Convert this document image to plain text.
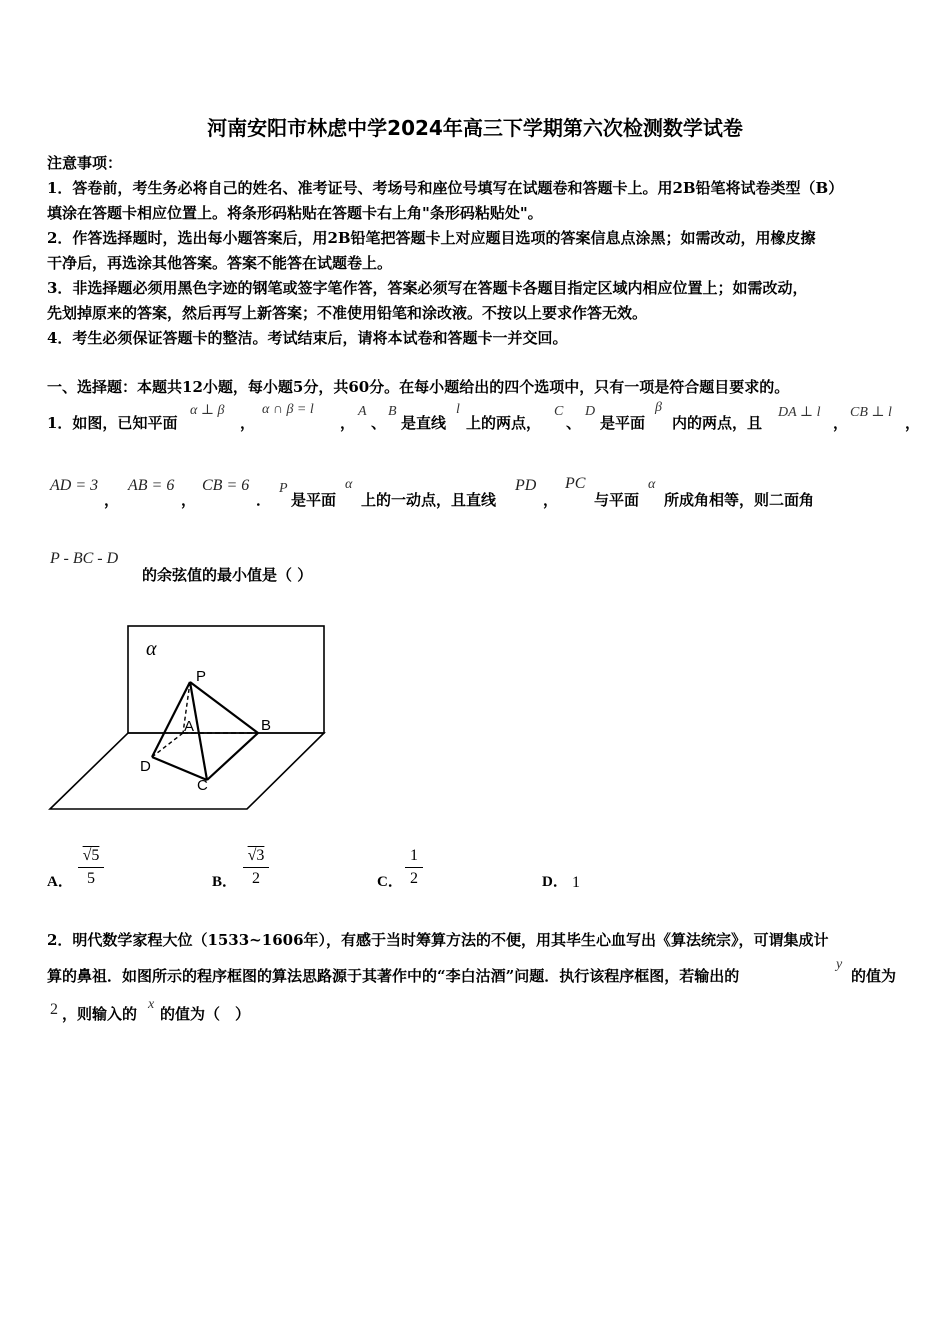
河南安阳市林虑中学2024年高三下学期第六次检测数学试卷
注意事项：
1．答卷前，考生务必将自己的姓名、准考证号、考场号和座位号填写在试题卷和答题卡上。用2B铅笔将试卷类型（B）
填涂在答题卡相应位置上。将条形码粘贴在答题卡右上角"条形码粘贴处"。
2．作答选择题时，选出每小题答案后，用2B铅笔把答题卡上对应题目选项的答案信息点涂黑；如需改动，用橡皮擦
干净后，再选涂其他答案。答案不能答在试题卷上。
3．非选择题必须用黑色字迹的钢笔或签字笔作答，答案必须写在答题卡各题目指定区域内相应位置上；如需改动，
先划掉原来的答案，然后再写上新答案；不准使用铅笔和涂改液。不按以上要求作答无效。
4．考生必须保证答题卡的整洁。考试结束后，请将本试卷和答题卡一并交回。
一、选择题：本题共12小题，每小题5分，共60分。在每小题给出的四个选项中，只有一项是符合题目要求的。
1．如图，已知平面
α ⊥ β
，
α ∩ β = l
，
A
、
B
是直线
l
上的两点，
C
、
D
是平面
β
内的两点，且
DA ⊥ l
，
CB ⊥ l
，
AD = 3
，
AB = 6
，
CB = 6
．
P
是平面
α
上的一动点，且直线
PD
，
PC
与平面
α
所成角相等，则二面角
P - BC - D
的余弦值的最小值是（ ）
α
P
A	B
C
D
A．
√5
5	B．
√3
2	C．
1
2	D． 1
2．明代数学家程大位（1533~1606年），有感于当时筹算方法的不便，用其毕生心血写出《算法统宗》，可谓集成计
算的鼻祖．如图所示的程序框图的算法思路源于其著作中的“李白沽酒”问题．执行该程序框图，若输出的
y
的值为
2 ，则输入的
x
的值为（　）
